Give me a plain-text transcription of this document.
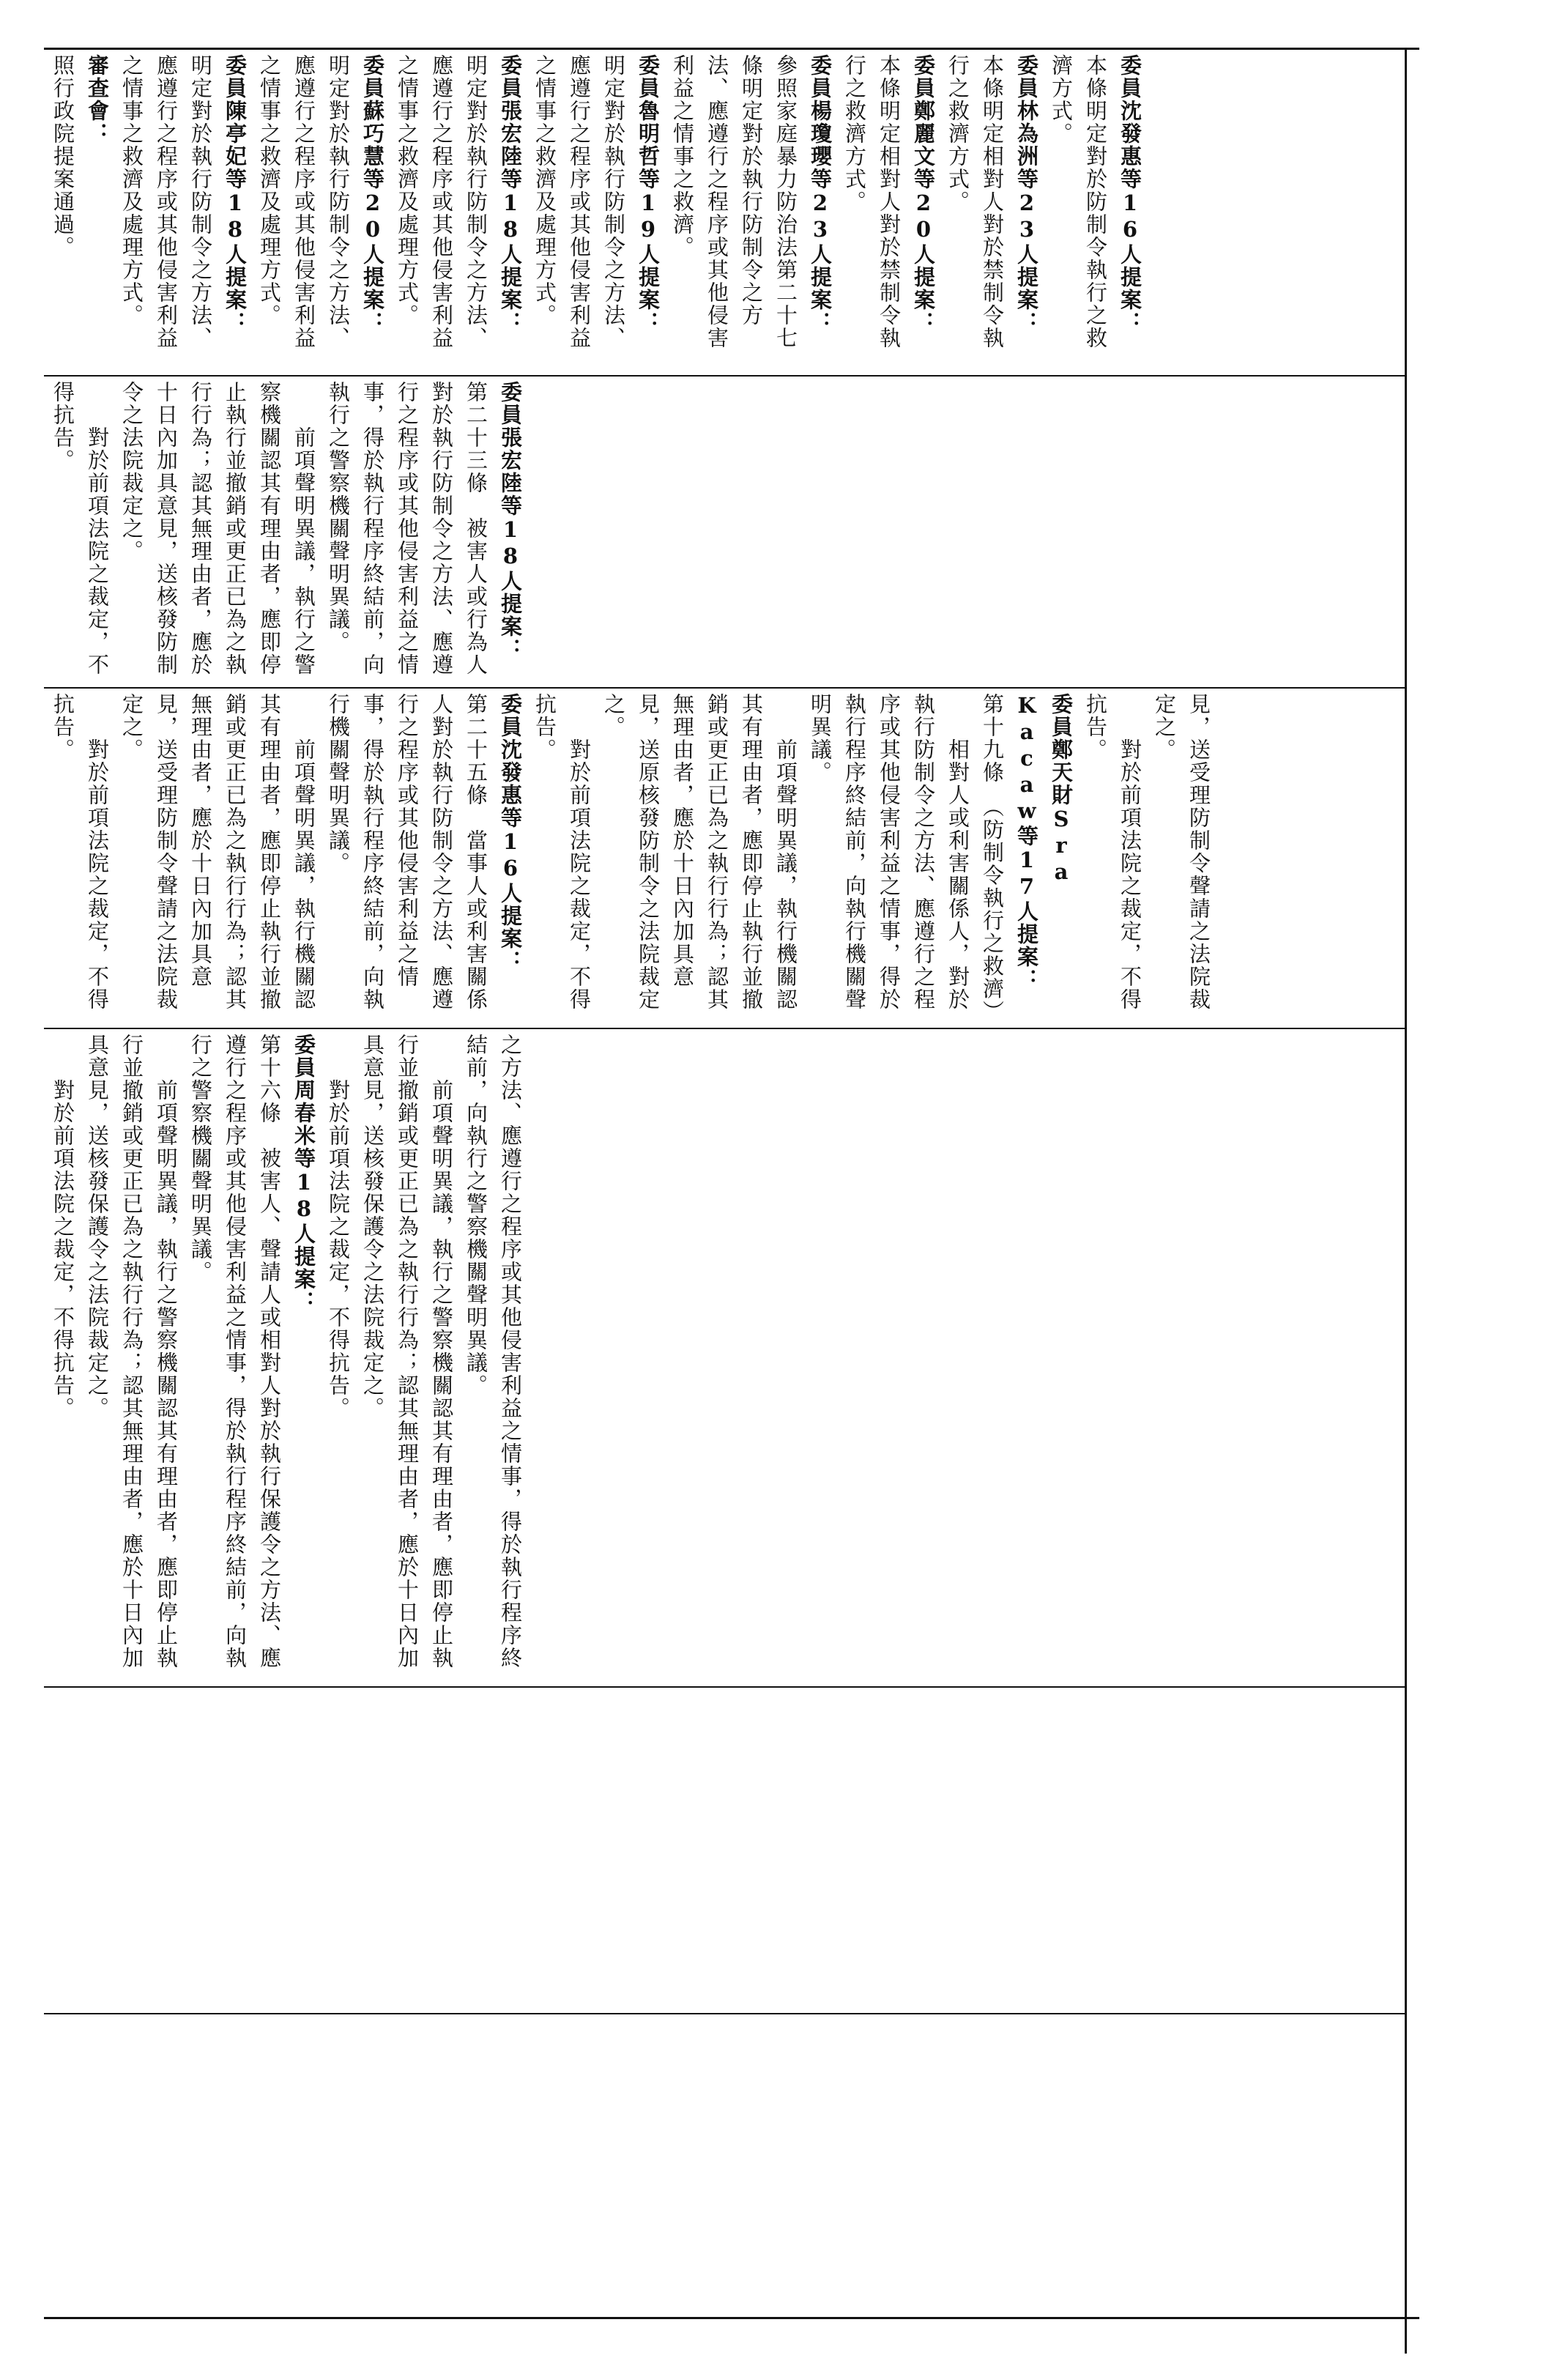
委員沈發惠等16人提案：
本條明定對於防制令執行之救濟方式。
委員林為洲等23人提案：
本條明定相對人對於禁制令執行之救濟方式。
委員鄭麗文等20人提案：
本條明定相對人對於禁制令執行之救濟方式。
委員楊瓊瓔等23人提案：
參照家庭暴力防治法第二十七條明定對於執行防制令之方法、應遵行之程序或其他侵害利益之情事之救濟。
委員魯明哲等19人提案：
明定對於執行防制令之方法、應遵行之程序或其他侵害利益之情事之救濟及處理方式。
委員張宏陸等18人提案：
明定對於執行防制令之方法、應遵行之程序或其他侵害利益之情事之救濟及處理方式。
委員蘇巧慧等20人提案：
明定對於執行防制令之方法、應遵行之程序或其他侵害利益之情事之救濟及處理方式。
委員陳亭妃等18人提案：
明定對於執行防制令之方法、應遵行之程序或其他侵害利益之情事之救濟及處理方式。
審查會：
照行政院提案通過。
委員張宏陸等18人提案：
第二十三條　被害人或行為人對於執行防制令之方法、應遵行之程序或其他侵害利益之情事，得於執行程序終結前，向執行之警察機關聲明異議。
　　前項聲明異議，執行之警察機關認其有理由者，應即停止執行並撤銷或更正已為之執行行為；認其無理由者，應於十日內加具意見，送核發防制令之法院裁定之。
　　對於前項法院之裁定，不得抗告。
見，送受理防制令聲請之法院裁定之。
　　對於前項法院之裁定，不得抗告。
委員鄭天財Sra Kacaw等17人提案：
第十九條　（防制令執行之救濟）
　　相對人或利害關係人，對於執行防制令之方法、應遵行之程序或其他侵害利益之情事，得於執行程序終結前，向執行機關聲明異議。
　　前項聲明異議，執行機關認其有理由者，應即停止執行並撤銷或更正已為之執行行為；認其無理由者，應於十日內加具意見，送原核發防制令之法院裁定之。
　　對於前項法院之裁定，不得抗告。
委員沈發惠等16人提案：
第二十五條　當事人或利害關係人對於執行防制令之方法、應遵行之程序或其他侵害利益之情事，得於執行程序終結前，向執行機關聲明異議。
　　前項聲明異議，執行機關認其有理由者，應即停止執行並撤銷或更正已為之執行行為；認其無理由者，應於十日內加具意見，送受理防制令聲請之法院裁定之。
　　對於前項法院之裁定，不得抗告。
之方法、應遵行之程序或其他侵害利益之情事，得於執行程序終結前，向執行之警察機關聲明異議。
　　前項聲明異議，執行之警察機關認其有理由者，應即停止執行並撤銷或更正已為之執行行為；認其無理由者，應於十日內加具意見，送核發保護令之法院裁定之。
　　對於前項法院之裁定，不得抗告。
委員周春米等18人提案：
第十六條　被害人、聲請人或相對人對於執行保護令之方法、應遵行之程序或其他侵害利益之情事，得於執行程序終結前，向執行之警察機關聲明異議。
　　前項聲明異議，執行之警察機關認其有理由者，應即停止執行並撤銷或更正已為之執行行為；認其無理由者，應於十日內加具意見，送核發保護令之法院裁定之。
　　對於前項法院之裁定，不得抗告。
